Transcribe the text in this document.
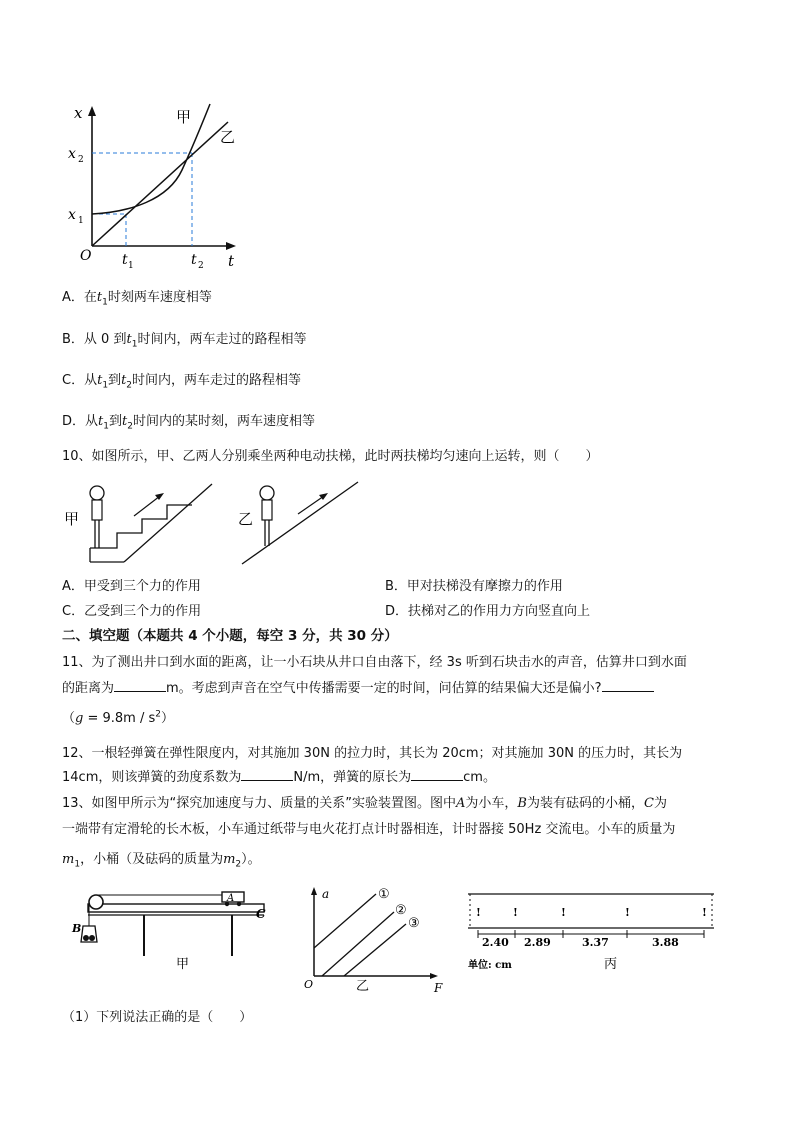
x
x 2
x 1
O t 1	t 2 t
甲
乙
A．在$t_1$时刻两车速度相等
B．从 0 到$t_1$时间内，两车走过的路程相等
C．从$t_1$到$t_2$时间内，两车走过的路程相等
D．从$t_1$到$t_2$时间内的某时刻，两车速度相等
10、如图所示，甲、乙两人分别乘坐两种电动扶梯，此时两扶梯均匀速向上运转，则（　　）
甲	乙
A．甲受到三个力的作用	B．甲对扶梯没有摩擦力的作用
C．乙受到三个力的作用	D．扶梯对乙的作用力方向竖直向上
二、填空题（本题共 4 个小题，每空 3 分，共 30 分）
11、为了测出井口到水面的距离，让一小石块从井口自由落下，经 3s 听到石块击水的声音，估算井口到水面
的距离为	m。考虑到声音在空气中传播需要一定的时间，问估算的结果偏大还是偏小?
$(g = 9.8m / s^2)$
12、一根轻弹簧在弹性限度内，对其施加 30N 的拉力时，其长为 20cm；对其施加 30N 的压力时，其长为
14cm，则该弹簧的劲度系数为	N/m，弹簧的原长为	cm。
13、如图甲所示为“探究加速度与力、质量的关系”实验装置图。图中A为小车，B为装有砝码的小桶，C为
一端带有定滑轮的长木板，小车通过纸带与电火花打点计时器相连，计时器接 50Hz 交流电。小车的质量为
$m_1$，小桶（及砝码的质量为$m_2$）。
A
C
B
甲
a
F
O
①
②
③
乙
!	!	!	!	!
2.40 2.89	3.37	3.88
单位: cm	丙
（1）下列说法正确的是（　　）
